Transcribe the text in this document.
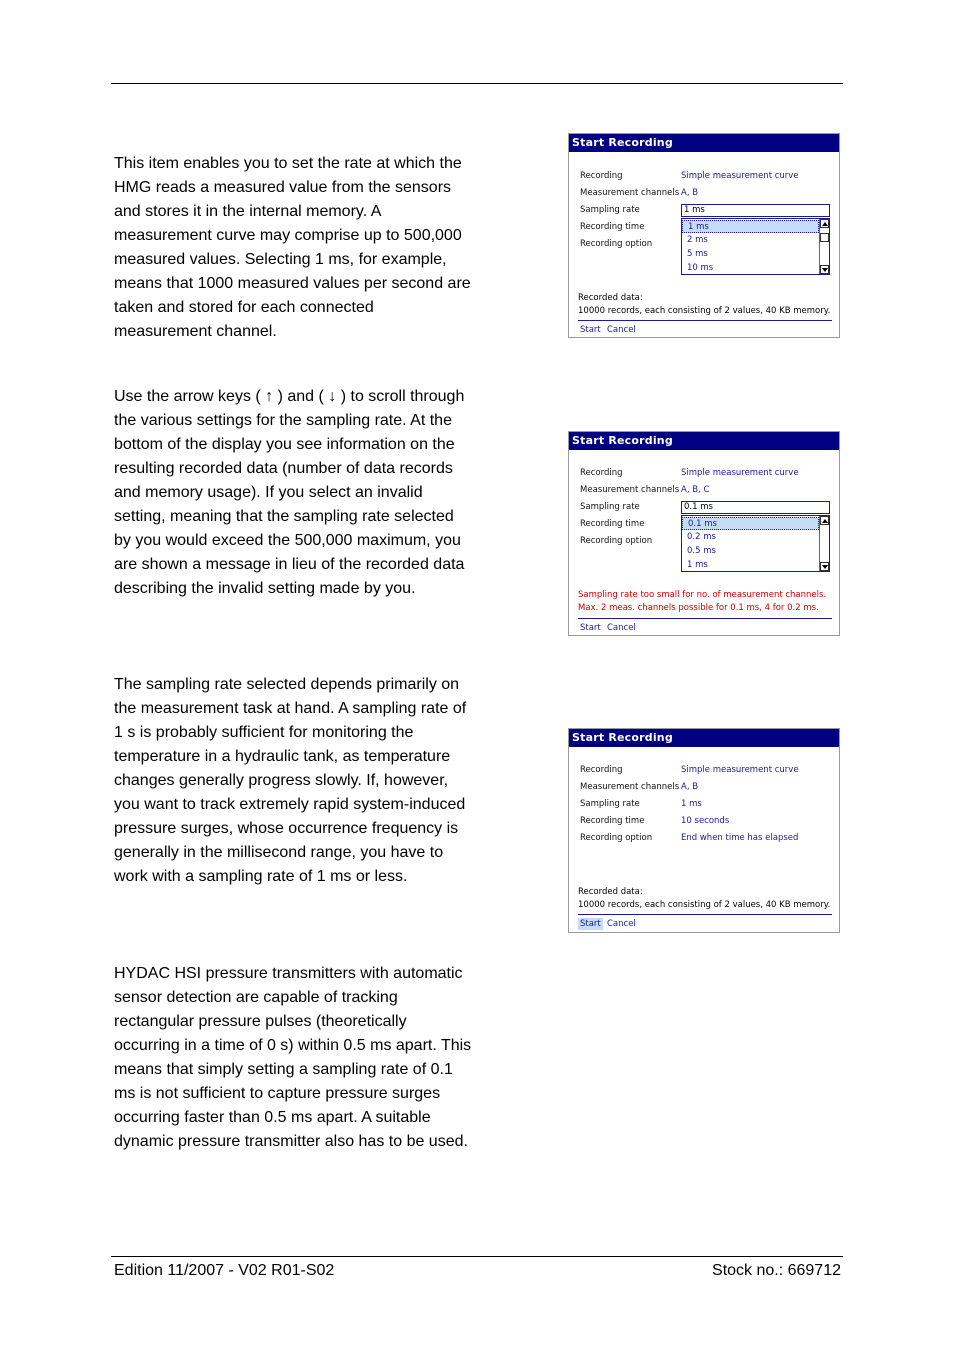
This item enables you to set the rate at which the HMG reads a measured value from the sensors and stores it in the internal memory. A measurement curve may comprise up to 500,000 measured values. Selecting 1 ms, for example, means that 1000 measured values per second are taken and stored for each connected measurement channel.

Use the arrow keys ( ↑ ) and ( ↓ ) to scroll through the various settings for the sampling rate. At the bottom of the display you see information on the resulting recorded data (number of data records and memory usage). If you select an invalid setting, meaning that the sampling rate selected by you would exceed the 500,000 maximum, you are shown a message in lieu of the recorded data describing the invalid setting made by you.

The sampling rate selected depends primarily on the measurement task at hand. A sampling rate of 1 s is probably sufficient for monitoring the temperature in a hydraulic tank, as temperature changes generally progress slowly. If, however, you want to track extremely rapid system-induced pressure surges, whose occurrence frequency is generally in the millisecond range, you have to work with a sampling rate of 1 ms or less.

HYDAC HSI pressure transmitters with automatic sensor detection are capable of tracking rectangular pressure pulses (theoretically occurring in a time of 0 s) within 0.5 ms apart. This means that simply setting a sampling rate of 0.1 ms is not sufficient to capture pressure surges occurring faster than 0.5 ms apart. A suitable dynamic pressure transmitter also has to be used.

Start Recording
Recording	Simple measurement curve
Measurement channels A, B
Sampling rate	1 ms
Recording time
Recording option
1 ms
2 ms
5 ms
10 ms
Recorded data:
10000 records, each consisting of 2 values, 40 KB memory.
Start Cancel
Start Recording
Recording	Simple measurement curve
Measurement channels A, B, C
Sampling rate	0.1 ms
Recording time
Recording option
0.1 ms
0.2 ms
0.5 ms
1 ms
Sampling rate too small for no. of measurement channels.
Max. 2 meas. channels possible for 0.1 ms, 4 for 0.2 ms.
Start Cancel
Start Recording
Recording	Simple measurement curve
Measurement channels A, B
Sampling rate	1 ms
Recording time	10 seconds
Recording option	End when time has elapsed
Recorded data:
10000 records, each consisting of 2 values, 40 KB memory.
Start Cancel
Edition 11/2007 - V02 R01-S02	Stock no.: 669712
